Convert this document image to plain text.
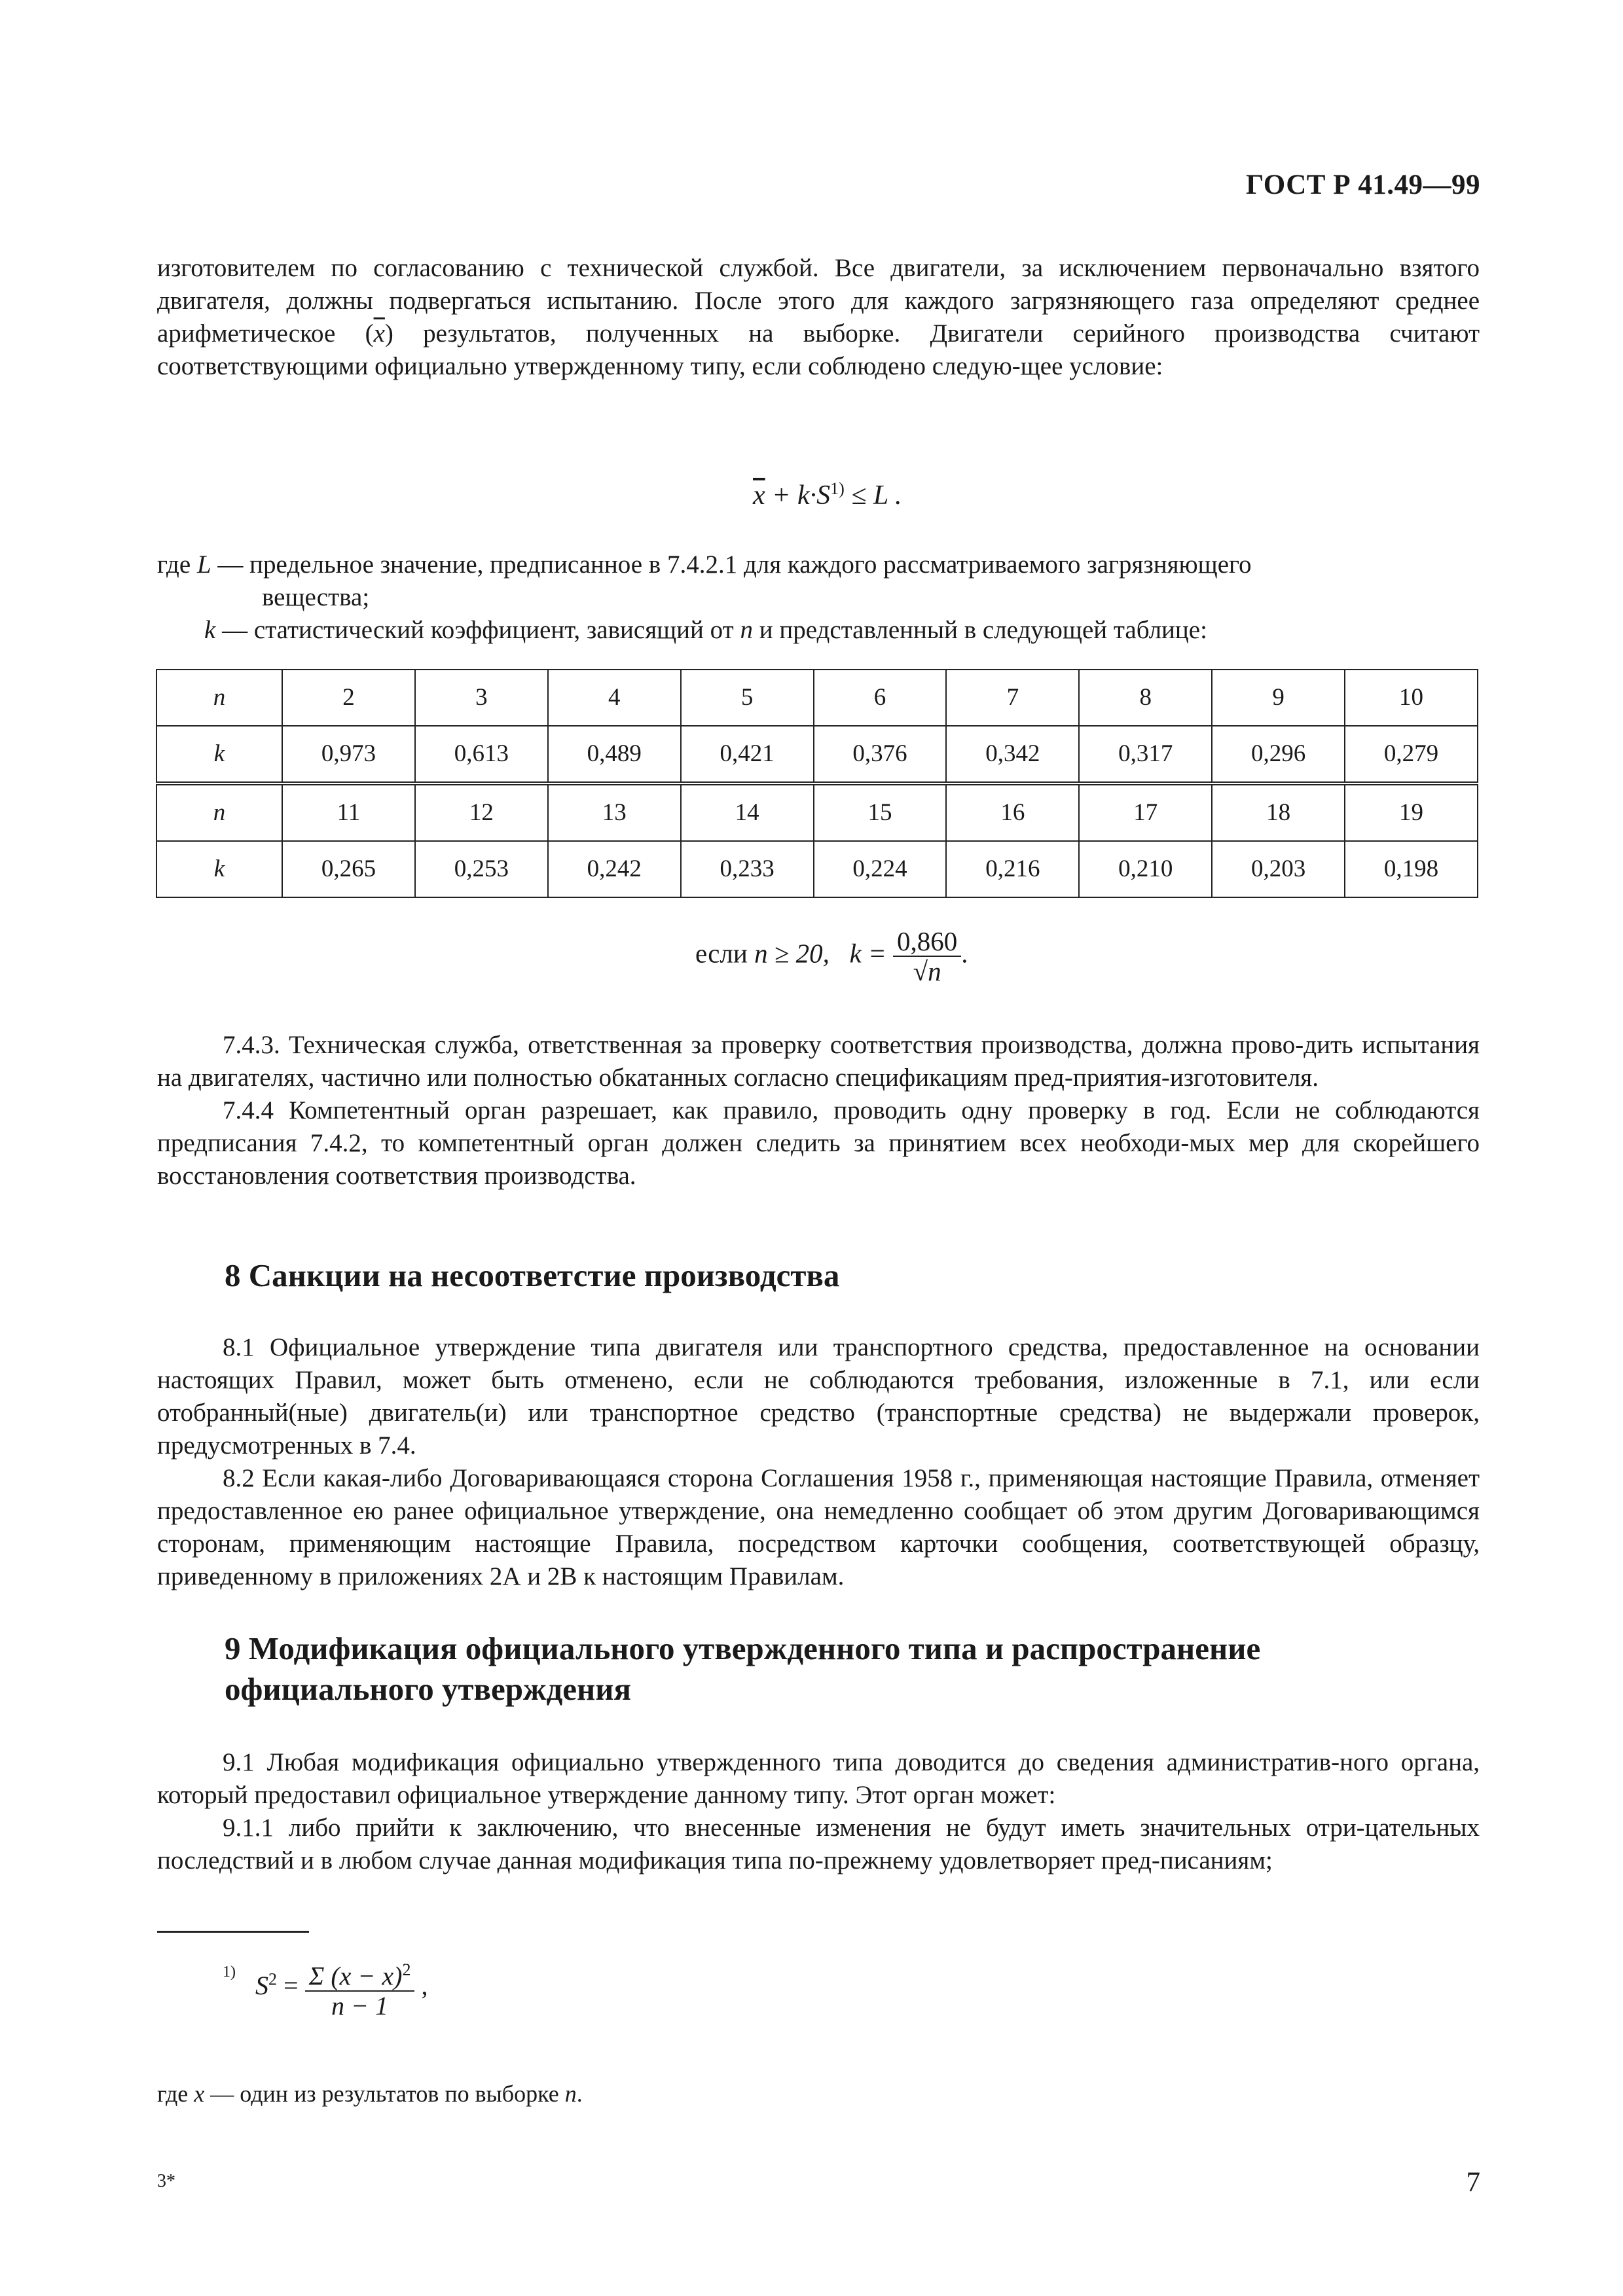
ГОСТ Р 41.49—99

изготовителем по согласованию с технической службой. Все двигатели, за исключением первоначально взятого двигателя, должны подвергаться испытанию. После этого для каждого загрязняющего газа определяют среднее арифметическое $(\overline{x})$ результатов, полученных на выборке. Двигатели серийного производства считают соответствующими официально утвержденному типу, если соблюдено следую-щее условие:

$\overline{x} + k\cdot S^{1)} \le L$ .

где L — предельное значение, предписанное в 7.4.2.1 для каждого рассматриваемого загрязняющего

вещества;

k — статистический коэффициент, зависящий от n и представленный в следующей таблице:

n	2	3	4	5	6	7	8	9	10
k	0,973	0,613	0,489	0,421	0,376	0,342	0,317	0,296	0,279
n	11	12	13	14	15	16	17	18	19
k	0,265	0,253	0,242	0,233	0,224	0,216	0,210	0,203	0,198
если n ≥ 20, $k = \frac{0,860}{√n}$ .

7.4.3. Техническая служба, ответственная за проверку соответствия производства, должна прово-дить испытания на двигателях, частично или полностью обкатанных согласно спецификациям пред-приятия-изготовителя.

7.4.4 Компетентный орган разрешает, как правило, проводить одну проверку в год. Если не соблюдаются предписания 7.4.2, то компетентный орган должен следить за принятием всех необходи-мых мер для скорейшего восстановления соответствия производства.

8 Санкции на несоответстие производства

8.1 Официальное утверждение типа двигателя или транспортного средства, предоставленное на основании настоящих Правил, может быть отменено, если не соблюдаются требования, изложенные в 7.1, или если отобранный(ные) двигатель(и) или транспортное средство (транспортные средства) не выдержали проверок, предусмотренных в 7.4.

8.2 Если какая-либо Договаривающаяся сторона Соглашения 1958 г., применяющая настоящие Правила, отменяет предоставленное ею ранее официальное утверждение, она немедленно сообщает об этом другим Договаривающимся сторонам, применяющим настоящие Правила, посредством карточки сообщения, соответствующей образцу, приведенному в приложениях 2А и 2В к настоящим Правилам.

9 Модификация официального утвержденного типа и распространение
официального утверждения

9.1 Любая модификация официально утвержденного типа доводится до сведения административ-ного органа, который предоставил официальное утверждение данному типу. Этот орган может:

9.1.1 либо прийти к заключению, что внесенные изменения не будут иметь значительных отри-цательных последствий и в любом случае данная модификация типа по-прежнему удовлетворяет пред-писаниям;

$^{1)}$ $S^2 = \frac{\Sigma (x - x)^2}{n - 1}$ ,
где x — один из результатов по выборке n.
3*	7
